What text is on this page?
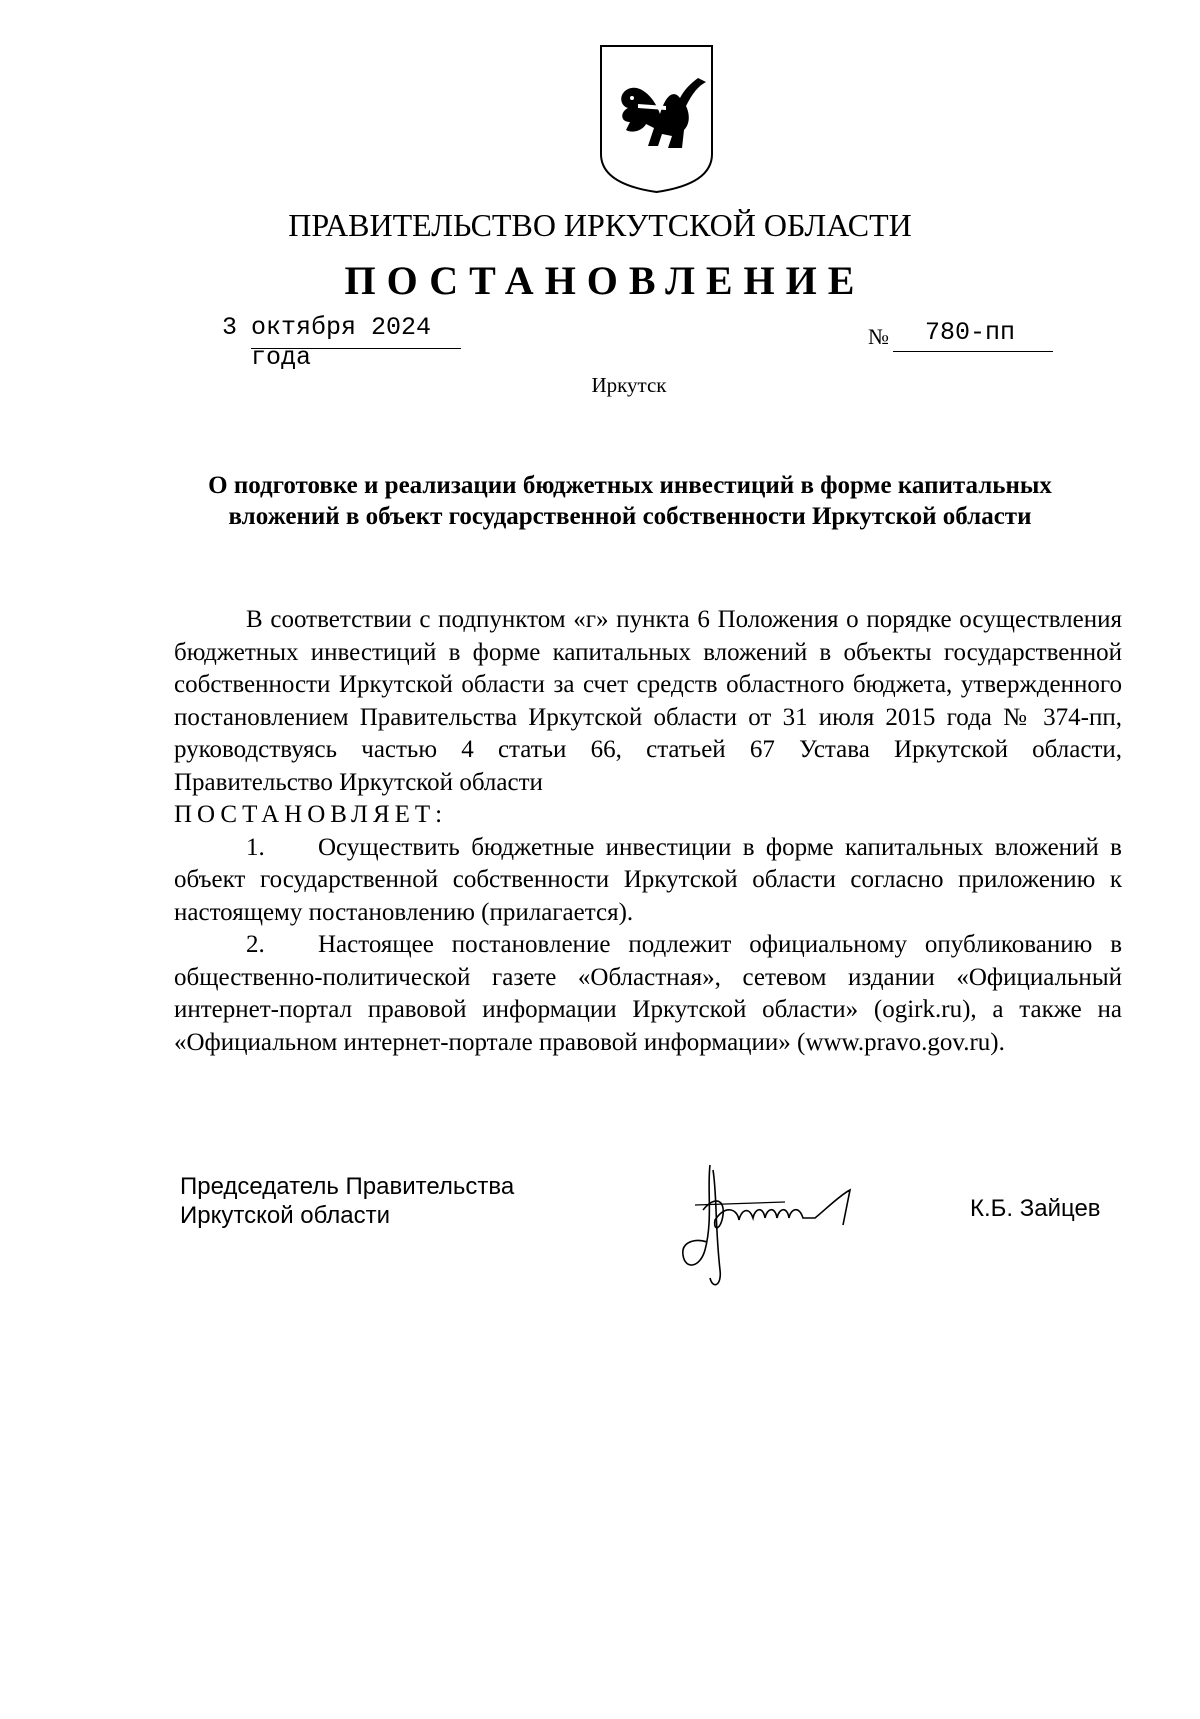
ПРАВИТЕЛЬСТВО ИРКУТСКОЙ ОБЛАСТИ
ПОСТАНОВЛЕНИЕ
3 октября 2024 года
№ 780-пп
Иркутск
О подготовке и реализации бюджетных инвестиций в форме капитальных вложений в объект государственной собственности Иркутской области

В соответствии с подпунктом «г» пункта 6 Положения о порядке осуществления бюджетных инвестиций в форме капитальных вложений в объекты государственной собственности Иркутской области за счет средств областного бюджета, утвержденного постановлением Правительства Иркутской области от 31 июля 2015 года № 374-пп, руководствуясь частью 4 статьи 66, статьей 67 Устава Иркутской области, Правительство Иркутской области

ПОСТАНОВЛЯЕТ:

1. Осуществить бюджетные инвестиции в форме капитальных вложений в объект государственной собственности Иркутской области согласно приложению к настоящему постановлению (прилагается).

2. Настоящее постановление подлежит официальному опубликованию в общественно-политической газете «Областная», сетевом издании «Официальный интернет-портал правовой информации Иркутской области» (ogirk.ru), а также на «Официальном интернет-портале правовой информации» (www.pravo.gov.ru).

Председатель Правительства
Иркутской области	К.Б. Зайцев
